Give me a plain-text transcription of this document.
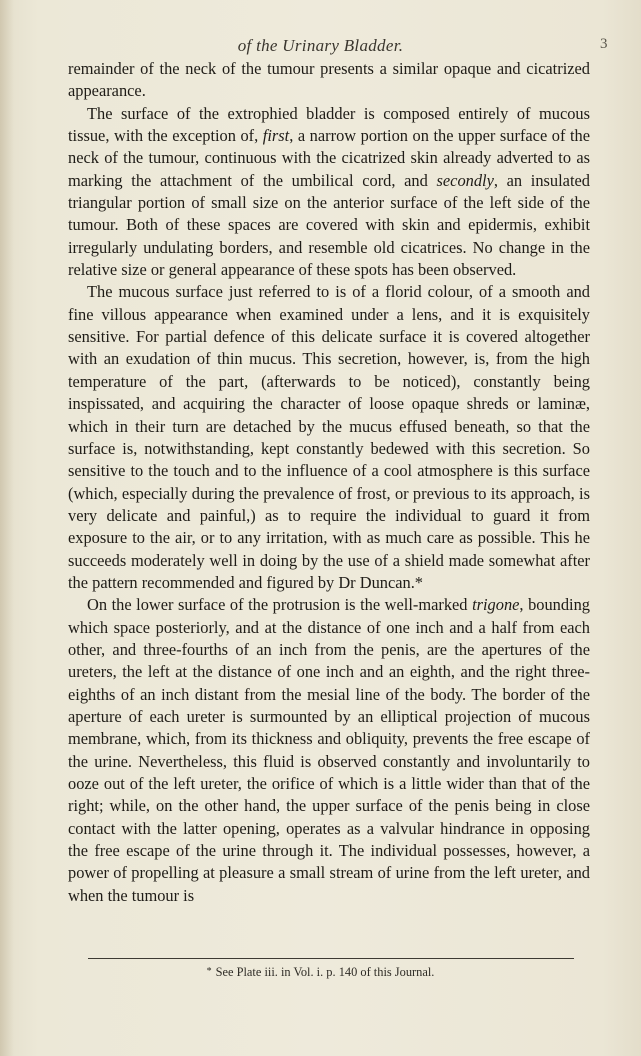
of the Urinary Bladder.	3

remainder of the neck of the tumour presents a similar opaque and cicatrized appearance.

The surface of the extrophied bladder is composed entirely of mucous tissue, with the exception of, first, a narrow portion on the upper surface of the neck of the tumour, continuous with the cicatrized skin already adverted to as marking the attachment of the umbilical cord, and secondly, an insulated triangular portion of small size on the anterior surface of the left side of the tumour. Both of these spaces are covered with skin and epidermis, exhibit irregularly undulating borders, and resemble old cicatrices. No change in the relative size or general appearance of these spots has been observed.

The mucous surface just referred to is of a florid colour, of a smooth and fine villous appearance when examined under a lens, and it is exquisitely sensitive. For partial defence of this delicate surface it is covered altogether with an exudation of thin mucus. This secretion, however, is, from the high temperature of the part, (afterwards to be noticed), constantly being inspissated, and acquiring the character of loose opaque shreds or laminæ, which in their turn are detached by the mucus effused beneath, so that the surface is, notwithstanding, kept constantly bedewed with this secretion. So sensitive to the touch and to the influence of a cool atmosphere is this surface (which, especially during the prevalence of frost, or previous to its approach, is very delicate and painful,) as to require the individual to guard it from exposure to the air, or to any irritation, with as much care as possible. This he succeeds moderately well in doing by the use of a shield made somewhat after the pattern recommended and figured by Dr Duncan.*

On the lower surface of the protrusion is the well-marked trigone, bounding which space posteriorly, and at the distance of one inch and a half from each other, and three-fourths of an inch from the penis, are the apertures of the ureters, the left at the distance of one inch and an eighth, and the right three-eighths of an inch distant from the mesial line of the body. The border of the aperture of each ureter is surmounted by an elliptical projection of mucous membrane, which, from its thickness and obliquity, prevents the free escape of the urine. Nevertheless, this fluid is observed constantly and involuntarily to ooze out of the left ureter, the orifice of which is a little wider than that of the right; while, on the other hand, the upper surface of the penis being in close contact with the latter opening, operates as a valvular hindrance in opposing the free escape of the urine through it. The individual possesses, however, a power of propelling at pleasure a small stream of urine from the left ureter, and when the tumour is

* See Plate iii. in Vol. i. p. 140 of this Journal.
